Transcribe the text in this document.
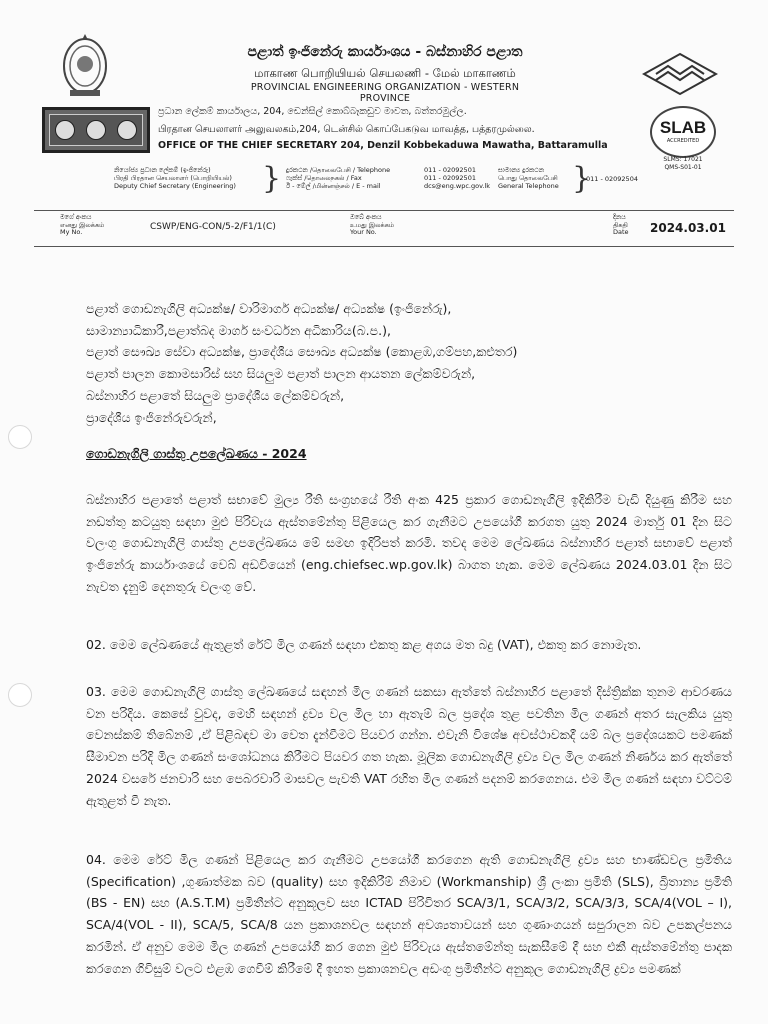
පළාත් ඉංජිනේරු කාර්යාංශය - බස්නාහිර පළාත
மாகாண பொறியியல் செயலணி - மேல் மாகாணம்
PROVINCIAL ENGINEERING ORGANIZATION - WESTERN PROVINCE
ප්‍රධාන ලේකම් කාර්යාලය, 204, ඩෙන්සිල් කොබ්බෑකඩුව මාවත, බත්තරමුල්ල.
பிரதான செயலாளர் அலுவலகம்,204, டென்சில் கொப்பேகடுவ மாவத்த, பத்தரமுல்லை.
OFFICE OF THE CHIEF SECRETARY 204, Denzil Kobbekaduwa Mawatha, Battaramulla
SLAB
ACCREDITED
SLMS: 17021
QMS-S01-01
නියෝජ්‍ය ප්‍රධාන ලේකම් (ඉංජිනේරු)
பிரதி பிரதான செயலாளர் (பொறியியல்)
Deputy Chief Secretary (Engineering) } දුරකථන /தொலைபேசி / Telephone
ෆැක්ස් /தொலைநகல் / Fax
ඊ - මේල් /மின்னஞ்சல் / E - mail
011 - 02092501
011 - 02092501
dcs@eng.wpc.gov.lk
සාමාන්‍ය දුරකථන
பொது தொலைபேசி
General Telephone }
011 - 02092504
මගේ අංකය
எனது இலக்கம்
My No.	CSWP/ENG-CON/5-2/F1/1(C)
ඔබේ අංකය
உமது இலக்கம்
Your No.
දිනය
திகதி
Date 2024.03.01
පළාත් ගොඩනැගිලි අධ්‍යක්ෂ/ වාරිමාර්ග අධ්‍යක්ෂ/ අධ්‍යක්ෂ (ඉංජිනේරු),
සාමාන්‍යාධිකාරී,පළාත්බද මාර්ග සංවර්ධන අධිකාරිය(බ.ප.),
පළාත් සෞඛ්‍ය සේවා අධ්‍යක්ෂ, ප්‍රාදේශීය සෞඛ්‍ය අධ්‍යක්ෂ (කොළඹ,ගම්පහ,කළුතර)
පළාත් පාලන කොමසාරිස් සහ සියලුම පළාත් පාලන ආයතන ලේකම්වරුන්,
බස්නාහිර පළාතේ සියලුම ප්‍රාදේශීය ලේකම්වරුන්,
ප්‍රාදේශීය ඉංජිනේරුවරුන්,
ගොඩනැගිලි ගාස්තු උපලේඛණය - 2024

බස්නාහිර පළාතේ පළාත් සභාවේ මුල්‍ය රීති සංග්‍රහයේ රීති අංක 425 ප්‍රකාර ගොඩනැගිලි ඉදිකිරීම වැඩි දියුණු කිරීම සහ නඩත්තු කටයුතු සඳහා මුළු පිරිවැය ඇස්තමේන්තු පිළියෙල කර ගැනීමට උපයෝගී කරගත යුතු 2024 මාර්තු 01 දින සිට වලංගු ගොඩනැගිලි ගාස්තු උපලේඛණය මේ සමඟ ඉදිරිපත් කරමි. තවද මෙම ලේඛණය බස්නාහිර පළාත් සභාවේ පළාත් ඉංජිනේරු කාර්යාංශයේ වෙබ් අඩවියෙන් (eng.chiefsec.wp.gov.lk) බාගත හැක. මෙම ලේඛණය 2024.03.01 දින සිට නැවත දැනුම් දෙනතුරු වලංගු වේ.

02. මෙම ලේඛණයේ ඇතුළත් රේට් මිල ගණන් සඳහා එකතු කළ අගය මත බදු (VAT), එකතු කර නොමැත.

03. මෙම ගොඩනැගිලි ගාස්තු ලේඛණයේ සඳහන් මිල ගණන් සකසා ඇත්තේ බස්නාහිර පළාතේ දිස්ත්‍රික්ක තුනම ආවරණය වන පරිදිය. කෙසේ වුවද, මෙහි සඳහන් ද්‍රව්‍ය වල මිල හා ඇතැම් බල ප්‍රදේශ තුළ පවතින මිල ගණන් අතර සැලකිය යුතු වෙනස්කම් තිබේනම් ,ඒ පිළිබඳව මා වෙත දැන්වීමට පියවර ගන්න. එවැනි විශේෂ අවස්ථාවකදී යම් බල ප්‍රදේශයකට පමණක් සීමාවන පරිදි මිල ගණන් සංශෝධනය කිරීමට පියවර ගත හැක. මූලික ගොඩනැගිලි ද්‍රව්‍ය වල මිල ගණන් නිර්ණය කර ඇත්තේ 2024 වසරේ ජනවාරි සහ පෙබරවාරි මාසවල පැවති VAT රහිත මිල ගණන් පදනම් කරගෙනය. එම මිල ගණන් සඳහා වට්ටම් ඇතුළත් වී නැත.

04. මෙම රේට් මිල ගණන් පිළියෙල කර ගැනීමට උපයෝගී කරගෙන ඇති ගොඩනැගිලි ද්‍රව්‍ය සහ භාණ්ඩවල ප්‍රමිතිය (Specification) ,ගුණාත්මක බව (quality) සහ ඉදිකිරීම් නිමාව (Workmanship) ශ්‍රී ලංකා ප්‍රමිති (SLS), බ්‍රිතාන්‍ය ප්‍රමිති (BS - EN) සහ (A.S.T.M) ප්‍රමිතීන්ට අනුකූලව සහ ICTAD පිරිවිතර SCA/3/1, SCA/3/2, SCA/3/3, SCA/4(VOL – I), SCA/4(VOL - II), SCA/5, SCA/8 යන ප්‍රකාශනවල සඳහන් අවශ්‍යතාවයන් සහ ගුණාංගයන් සපුරාලන බව උපකල්පනය කරමින්. ඒ අනුව මෙම මිල ගණන් උපයෝගී කර ගෙන මුළු පිරිවැය ඇස්තමේන්තු සැකසීමේ දී සහ එකී ඇස්තමේන්තු පාදක කරගෙන ගිවිසුම් වලට එළඹ ගෙවීම් කිරීමේ දී ඉහත ප්‍රකාශනවල අඩංගු ප්‍රමිතීන්ට අනුකූල ගොඩනැගිලි ද්‍රව්‍ය පමණක්
